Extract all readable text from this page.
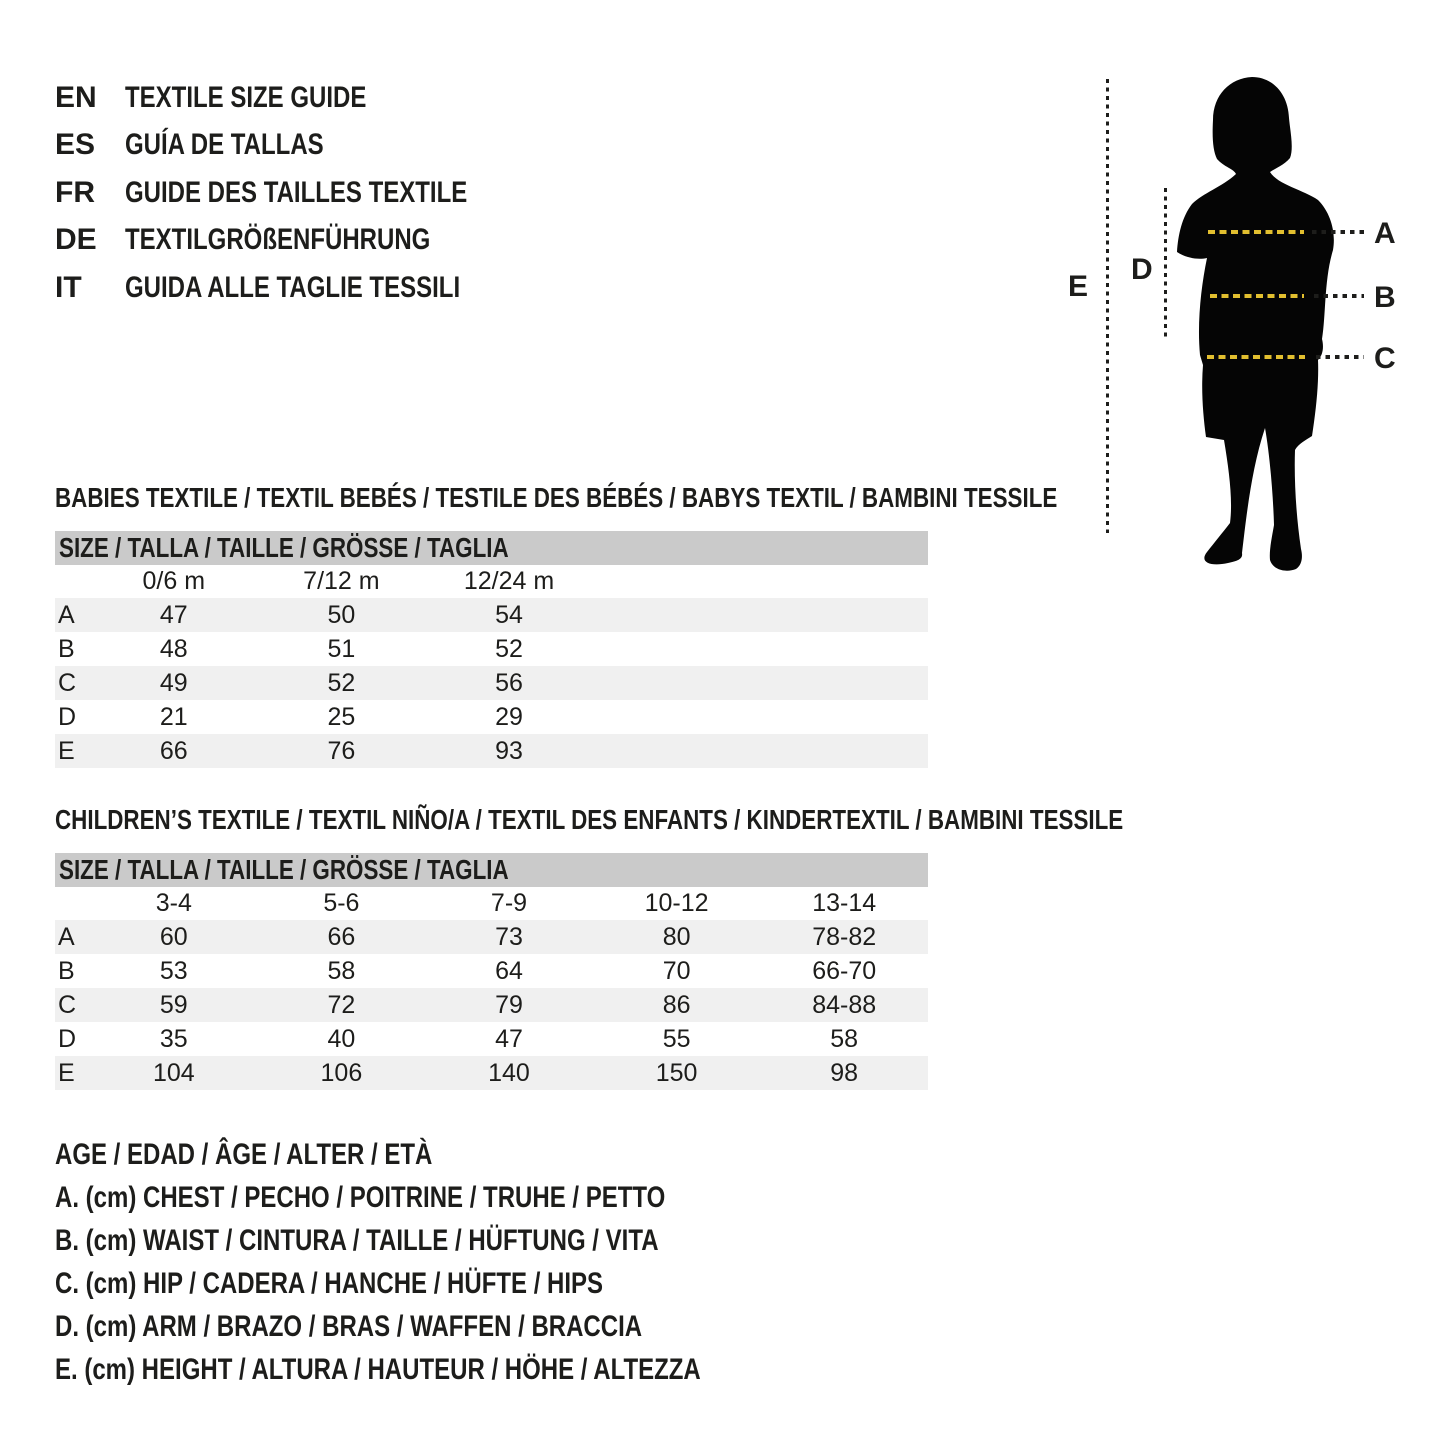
EN TEXTILE SIZE GUIDE
ES GUÍA DE TALLAS
FR	GUIDE DES TAILLES TEXTILE
DE TEXTILGRÖßENFÜHRUNG
IT	GUIDA ALLE TAGLIE TESSILI	E
D
A
B
C
BABIES TEXTILE / TEXTIL BEBÉS / TESTILE DES BÉBÉS / BABYS TEXTIL / BAMBINI TESSILE
SIZE / TALLA / TAILLE / GRÖSSE / TAGLIA
0/6 m	7/12 m	12/24 m
A	47	50	54
B	48	51	52
C	49	52	56
D	21	25	29
E	66	76	93
CHILDREN’S TEXTILE / TEXTIL NIÑO/A / TEXTIL DES ENFANTS / KINDERTEXTIL / BAMBINI TESSILE
SIZE / TALLA / TAILLE / GRÖSSE / TAGLIA
3-4	5-6	7-9	10-12	13-14
A	60	66	73	80	78-82
B	53	58	64	70	66-70
C	59	72	79	86	84-88
D	35	40	47	55	58
E	104	106	140	150	98
AGE / EDAD / ÂGE / ALTER / ETÀ
A. (cm) CHEST / PECHO / POITRINE / TRUHE / PETTO
B. (cm) WAIST / CINTURA / TAILLE / HÜFTUNG / VITA
C. (cm) HIP / CADERA / HANCHE / HÜFTE / HIPS
D. (cm) ARM / BRAZO / BRAS / WAFFEN / BRACCIA
E. (cm) HEIGHT / ALTURA / HAUTEUR / HÖHE / ALTEZZA
